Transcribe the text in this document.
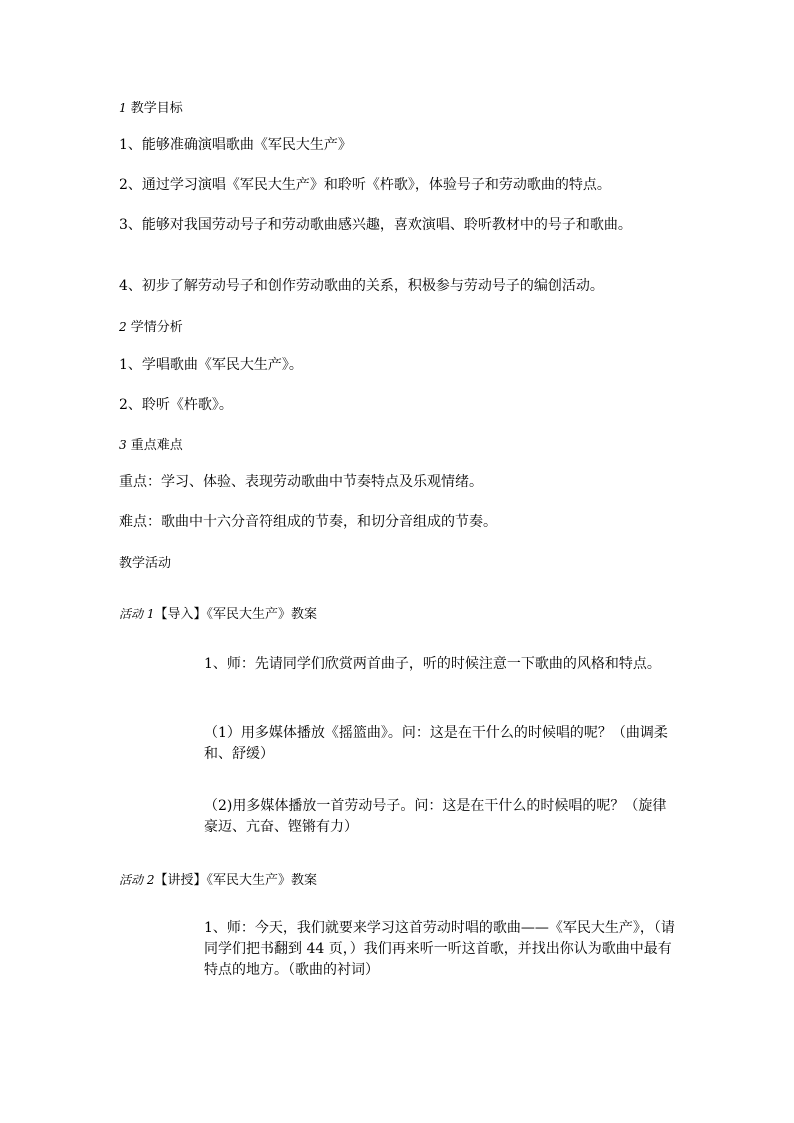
1 教学目标
1、能够准确演唱歌曲《军民大生产》
2、通过学习演唱《军民大生产》和聆听《杵歌》，体验号子和劳动歌曲的特点。
3、能够对我国劳动号子和劳动歌曲感兴趣，喜欢演唱、聆听教材中的号子和歌曲。
4、初步了解劳动号子和创作劳动歌曲的关系，积极参与劳动号子的编创活动。
2 学情分析
1、学唱歌曲《军民大生产》。
2、聆听《杵歌》。
3 重点难点
重点：学习、体验、表现劳动歌曲中节奏特点及乐观情绪。
难点：歌曲中十六分音符组成的节奏，和切分音组成的节奏。
教学活动
活动 1【导入】《军民大生产》教案
1、师：先请同学们欣赏两首曲子，听的时候注意一下歌曲的风格和特点。
（1）用多媒体播放《摇篮曲》。问：这是在干什么的时候唱的呢？（曲调柔和、舒缓）
（2)用多媒体播放一首劳动号子。问：这是在干什么的时候唱的呢？（旋律豪迈、亢奋、铿锵有力）
活动 2【讲授】《军民大生产》教案
1、师：今天，我们就要来学习这首劳动时唱的歌曲——《军民大生产》，（请同学们把书翻到 44 页，）我们再来听一听这首歌，并找出你认为歌曲中最有特点的地方。（歌曲的衬词）
